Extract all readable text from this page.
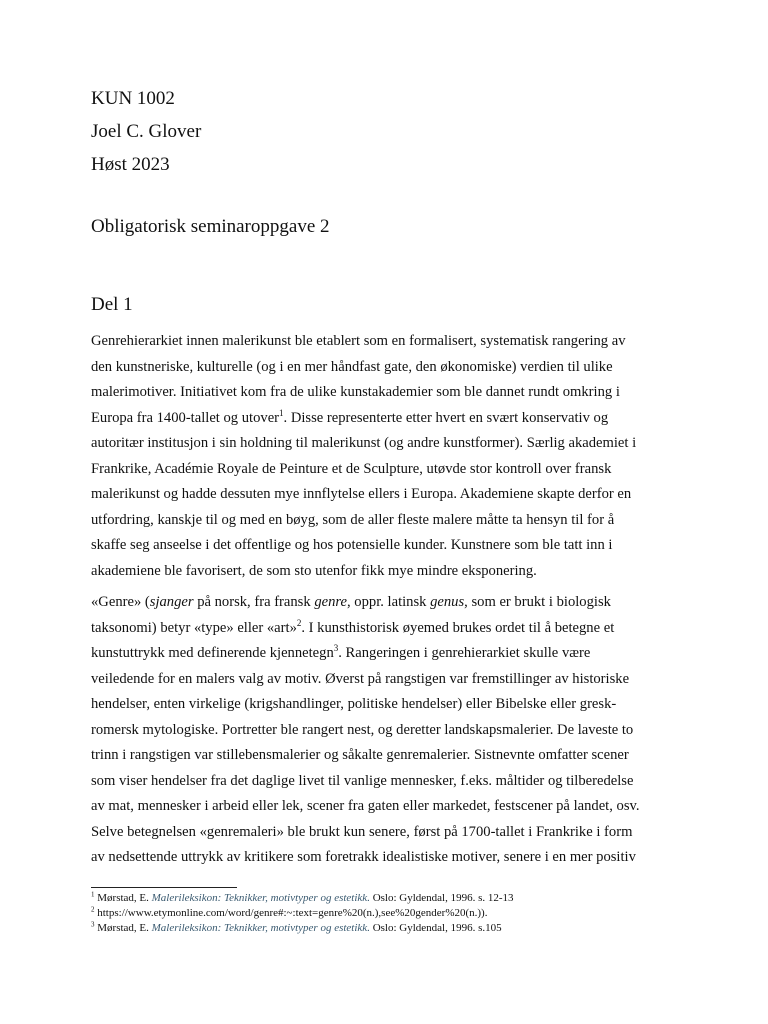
KUN 1002
Joel C. Glover
Høst 2023
Obligatorisk seminaroppgave 2
Del 1
Genrehierarkiet innen malerikunst ble etablert som en formalisert, systematisk rangering av
den kunstneriske, kulturelle (og i en mer håndfast gate, den økonomiske) verdien til ulike
malerimotiver. Initiativet kom fra de ulike kunstakademier som ble dannet rundt omkring i
Europa fra 1400-tallet og utover$^1$. Disse representerte etter hvert en svært konservativ og
autoritær institusjon i sin holdning til malerikunst (og andre kunstformer). Særlig akademiet i
Frankrike, Académie Royale de Peinture et de Sculpture, utøvde stor kontroll over fransk
malerikunst og hadde dessuten mye innflytelse ellers i Europa. Akademiene skapte derfor en
utfordring, kanskje til og med en bøyg, som de aller fleste malere måtte ta hensyn til for å
skaffe seg anseelse i det offentlige og hos potensielle kunder. Kunstnere som ble tatt inn i
akademiene ble favorisert, de som sto utenfor fikk mye mindre eksponering.
«Genre» (sjanger på norsk, fra fransk genre, oppr. latinsk genus, som er brukt i biologisk
taksonomi) betyr «type» eller «art»$^2$. I kunsthistorisk øyemed brukes ordet til å betegne et
kunstuttrykk med definerende kjennetegn$^3$. Rangeringen i genrehierarkiet skulle være
veiledende for en malers valg av motiv. Øverst på rangstigen var fremstillinger av historiske
hendelser, enten virkelige (krigshandlinger, politiske hendelser) eller Bibelske eller gresk-
romersk mytologiske. Portretter ble rangert nest, og deretter landskapsmalerier. De laveste to
trinn i rangstigen var stillebensmalerier og såkalte genremalerier. Sistnevnte omfatter scener
som viser hendelser fra det daglige livet til vanlige mennesker, f.eks. måltider og tilberedelse
av mat, mennesker i arbeid eller lek, scener fra gaten eller markedet, festscener på landet, osv.
Selve betegnelsen «genremaleri» ble brukt kun senere, først på 1700-tallet i Frankrike i form
av nedsettende uttrykk av kritikere som foretrakk idealistiske motiver, senere i en mer positiv
$^1$ Mørstad, E. Malerileksikon: Teknikker, motivtyper og estetikk. Oslo: Gyldendal, 1996. s. 12-13
$^2$ https://www.etymonline.com/word/genre#:~:text=genre%20(n.),see%20gender%20(n.)).
$^3$ Mørstad, E. Malerileksikon: Teknikker, motivtyper og estetikk. Oslo: Gyldendal, 1996. s.105
